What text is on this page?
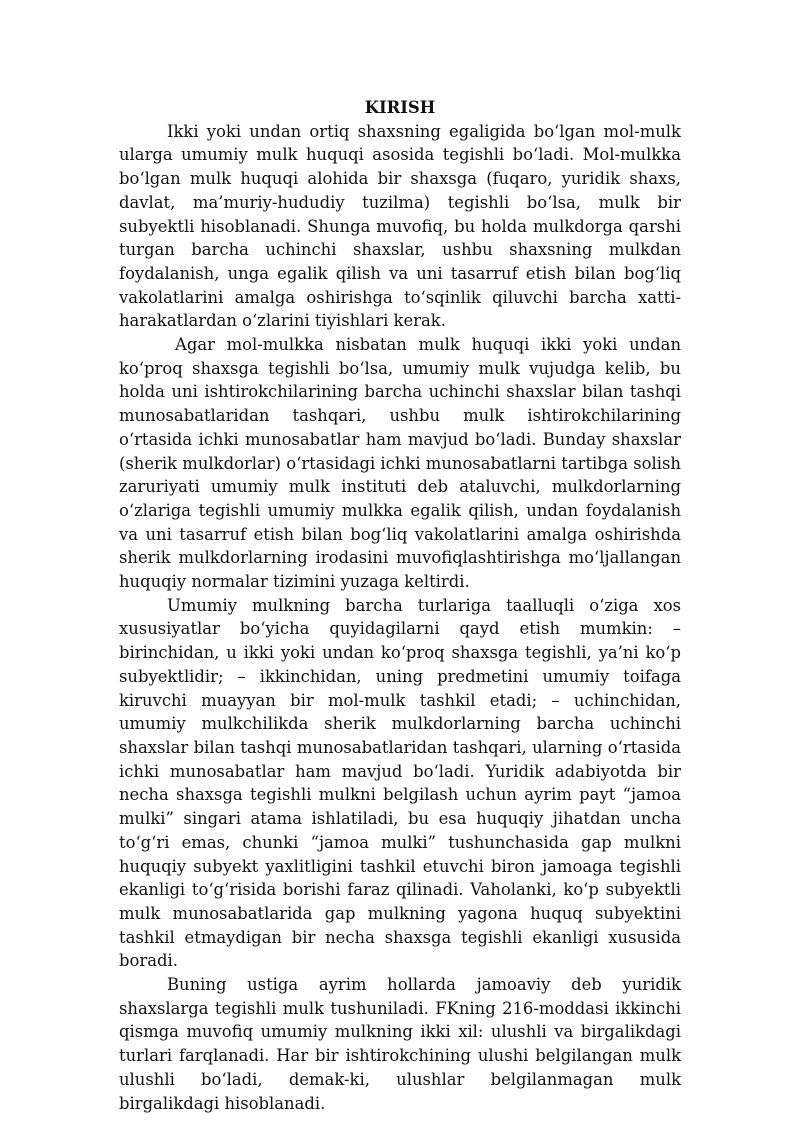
KIRISH

Ikki yoki undan ortiq shaxsning egaligida bo‘lgan mol-mulk ularga umumiy mulk huquqi asosida tegishli bo‘ladi. Mol-mulkka bo‘lgan mulk huquqi alohida bir shaxsga (fuqaro, yuridik shaxs, davlat, ma’muriy-hududiy tuzilma) tegishli bo‘lsa, mulk bir subyektli hisoblanadi. Shunga muvofiq, bu holda mulkdorga qarshi turgan barcha uchinchi shaxslar, ushbu shaxsning mulkdan foydalanish, unga egalik qilish va uni tasarruf etish bilan bog‘liq vakolatlarini amalga oshirishga to‘sqinlik qiluvchi barcha xatti-harakatlardan o‘zlarini tiyishlari kerak.

Agar mol-mulkka nisbatan mulk huquqi ikki yoki undan ko‘proq shaxsga tegishli bo‘lsa, umumiy mulk vujudga kelib, bu holda uni ishtirokchilarining barcha uchinchi shaxslar bilan tashqi munosabatlaridan tashqari, ushbu mulk ishtirokchilarining o‘rtasida ichki munosabatlar ham mavjud bo‘ladi. Bunday shaxslar (sherik mulkdorlar) o‘rtasidagi ichki munosabatlarni tartibga solish zaruriyati umumiy mulk instituti deb ataluvchi, mulkdorlarning o‘zlariga tegishli umumiy mulkka egalik qilish, undan foydalanish va uni tasarruf etish bilan bog‘liq vakolatlarini amalga oshirishda sherik mulkdorlarning irodasini muvofiqlashtirishga mo‘ljallangan huquqiy normalar tizimini yuzaga keltirdi.

Umumiy mulkning barcha turlariga taalluqli o‘ziga xos xususiyatlar bo‘yicha quyidagilarni qayd etish mumkin: – birinchidan, u ikki yoki undan ko‘proq shaxsga tegishli, ya’ni ko‘p subyektlidir; – ikkinchidan, uning predmetini umumiy toifaga kiruvchi muayyan bir mol-mulk tashkil etadi; – uchinchidan, umumiy mulkchilikda sherik mulkdorlarning barcha uchinchi shaxslar bilan tashqi munosabatlaridan tashqari, ularning o‘rtasida ichki munosabatlar ham mavjud bo‘ladi. Yuridik adabiyotda bir necha shaxsga tegishli mulkni belgilash uchun ayrim payt “jamoa mulki” singari atama ishlatiladi, bu esa huquqiy jihatdan uncha to‘g‘ri emas, chunki “jamoa mulki” tushunchasida gap mulkni huquqiy subyekt yaxlitligini tashkil etuvchi biron jamoaga tegishli ekanligi to‘g‘risida borishi faraz qilinadi. Vaholanki, ko‘p subyektli mulk munosabatlarida gap mulkning yagona huquq subyektini tashkil etmaydigan bir necha shaxsga tegishli ekanligi xususida boradi.

Buning ustiga ayrim hollarda jamoaviy deb yuridik shaxslarga tegishli mulk tushuniladi. FKning 216-moddasi ikkinchi qismga muvofiq umumiy mulkning ikki xil: ulushli va birgalikdagi turlari farqlanadi. Har bir ishtirokchining ulushi belgilangan mulk ulushli bo‘ladi, demak-ki, ulushlar belgilanmagan mulk birgalikdagi hisoblanadi.
